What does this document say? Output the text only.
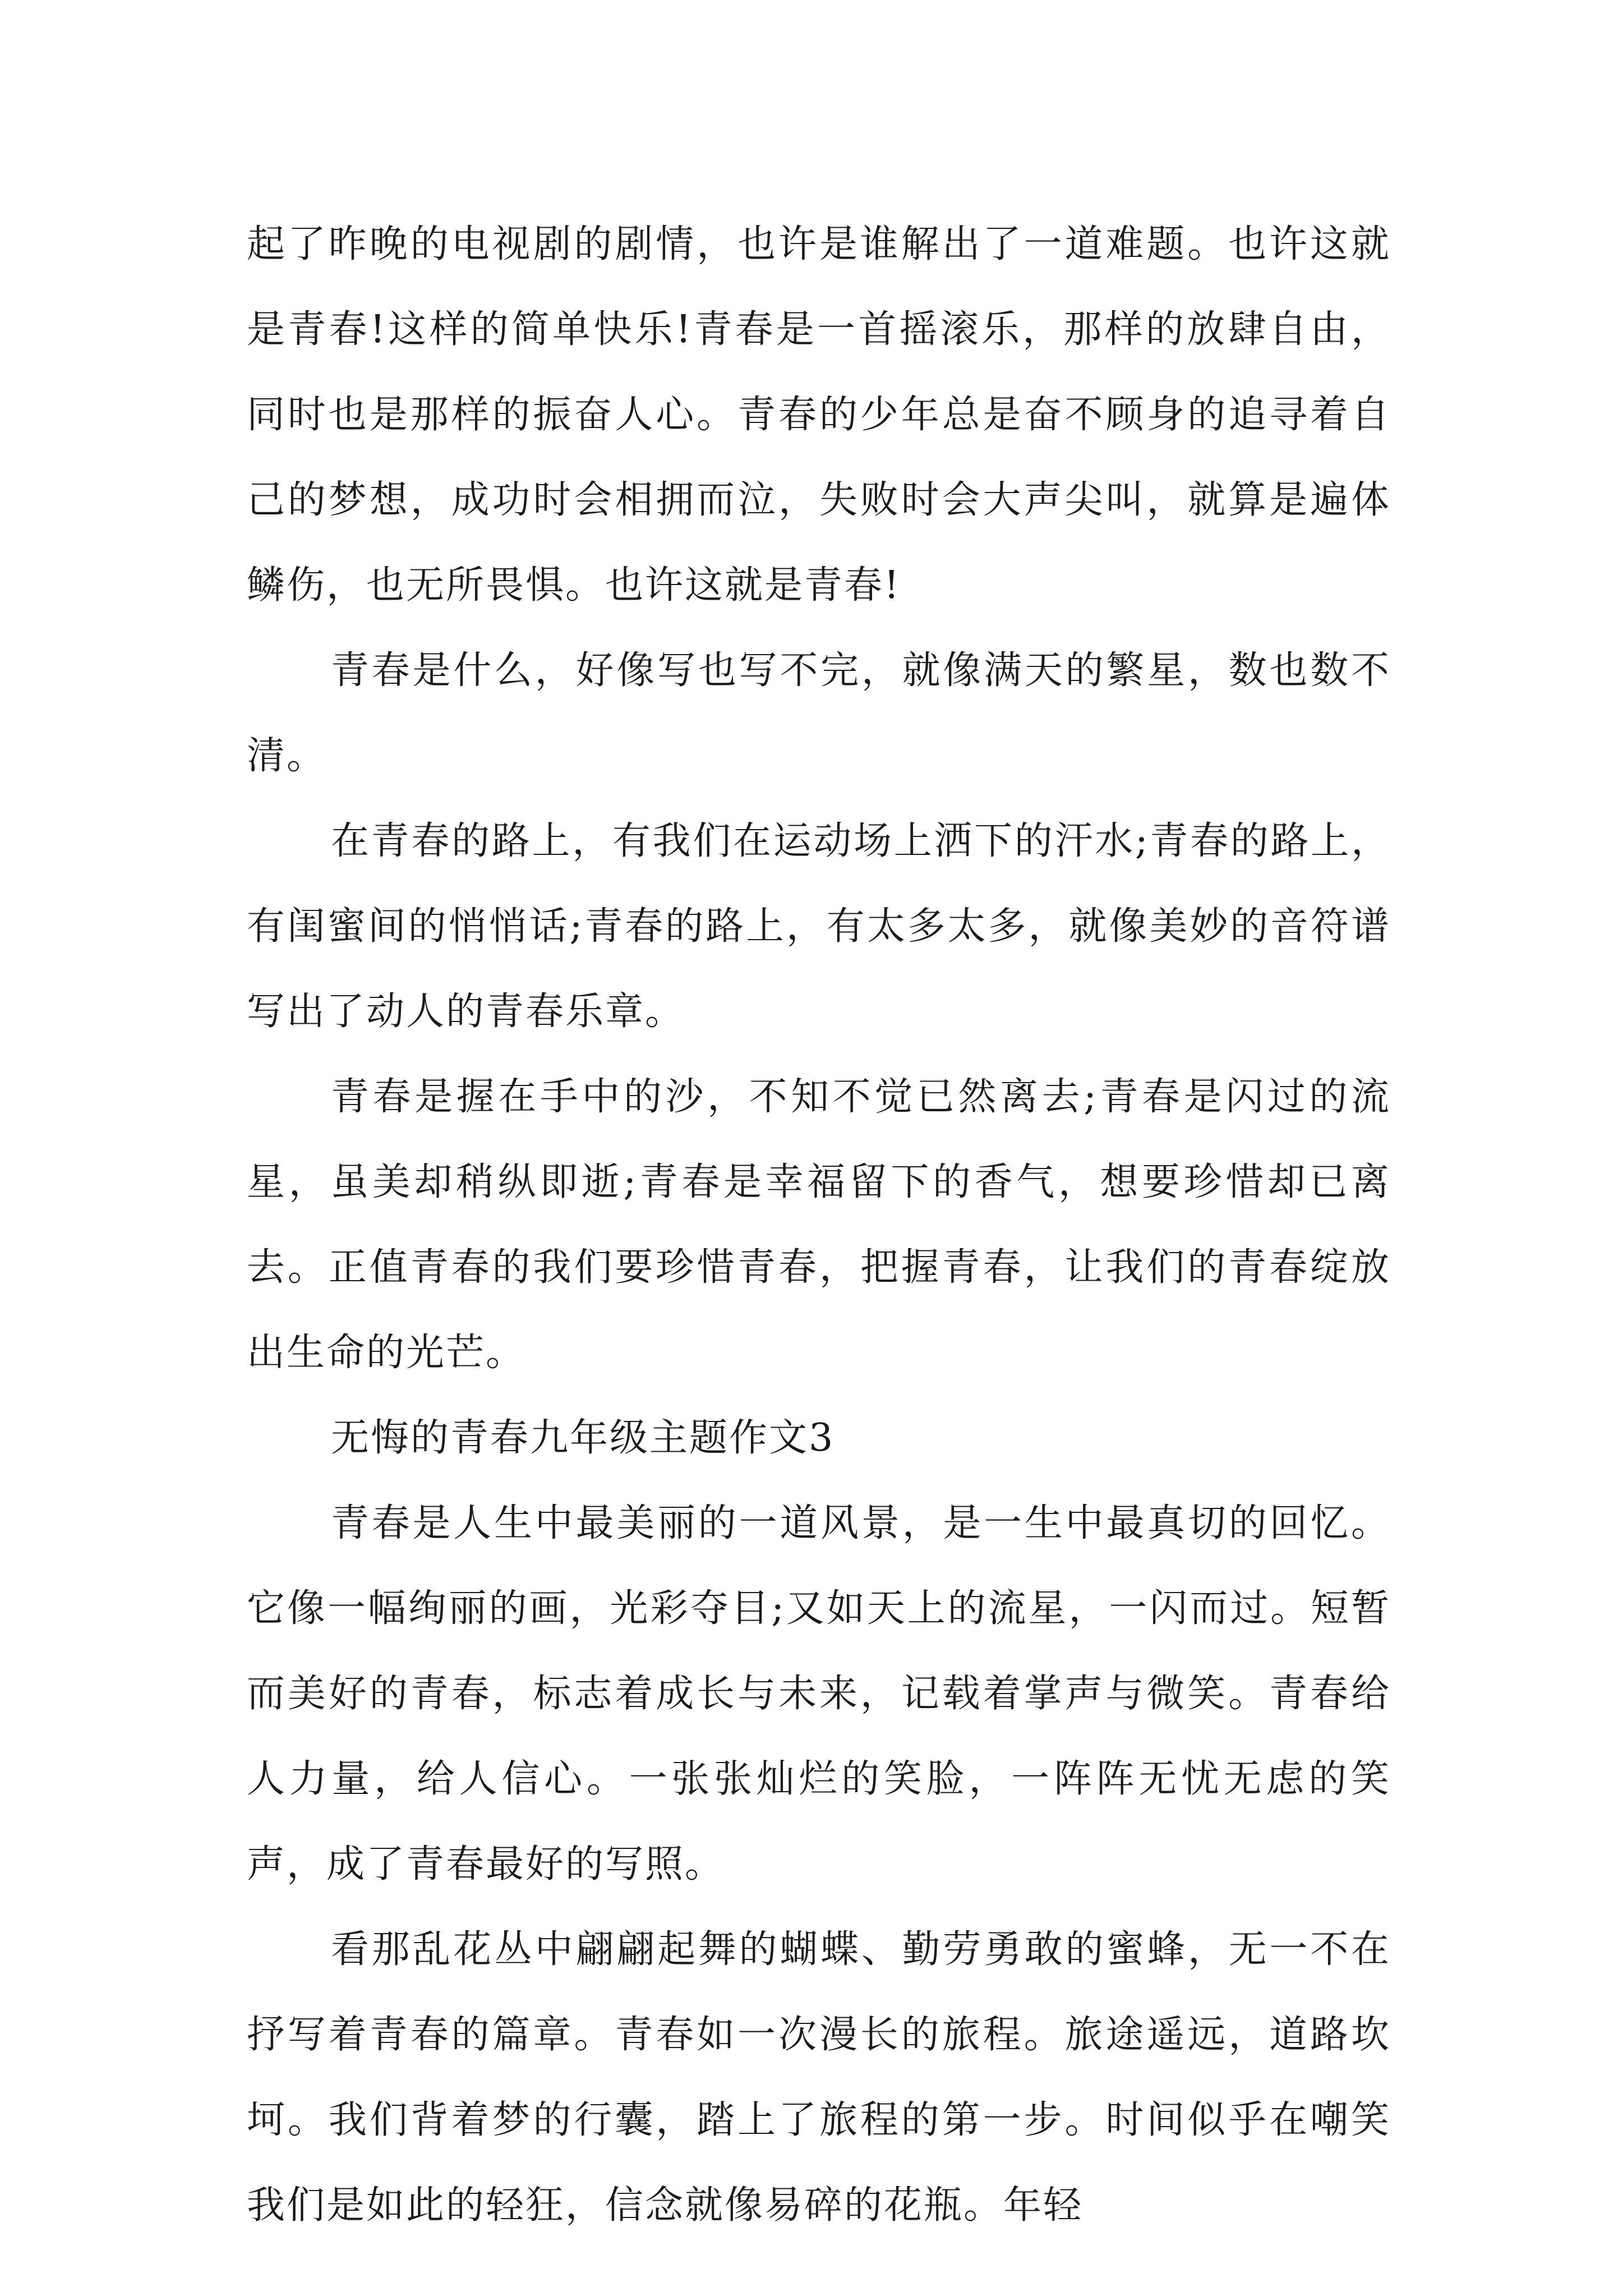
起了昨晚的电视剧的剧情，也许是谁解出了一道难题。也许这就是青春!这样的简单快乐!青春是一首摇滚乐，那样的放肆自由，同时也是那样的振奋人心。青春的少年总是奋不顾身的追寻着自己的梦想，成功时会相拥而泣，失败时会大声尖叫，就算是遍体鳞伤，也无所畏惧。也许这就是青春!

青春是什么，好像写也写不完，就像满天的繁星，数也数不清。

在青春的路上，有我们在运动场上洒下的汗水;青春的路上，有闺蜜间的悄悄话;青春的路上，有太多太多，就像美妙的音符谱写出了动人的青春乐章。

青春是握在手中的沙，不知不觉已然离去;青春是闪过的流星，虽美却稍纵即逝;青春是幸福留下的香气，想要珍惜却已离去。正值青春的我们要珍惜青春，把握青春，让我们的青春绽放出生命的光芒。

无悔的青春九年级主题作文3

青春是人生中最美丽的一道风景，是一生中最真切的回忆。它像一幅绚丽的画，光彩夺目;又如天上的流星，一闪而过。短暂而美好的青春，标志着成长与未来，记载着掌声与微笑。青春给人力量，给人信心。一张张灿烂的笑脸，一阵阵无忧无虑的笑声，成了青春最好的写照。

看那乱花丛中翩翩起舞的蝴蝶、勤劳勇敢的蜜蜂，无一不在抒写着青春的篇章。青春如一次漫长的旅程。旅途遥远，道路坎坷。我们背着梦的行囊，踏上了旅程的第一步。时间似乎在嘲笑我们是如此的轻狂，信念就像易碎的花瓶。年轻
